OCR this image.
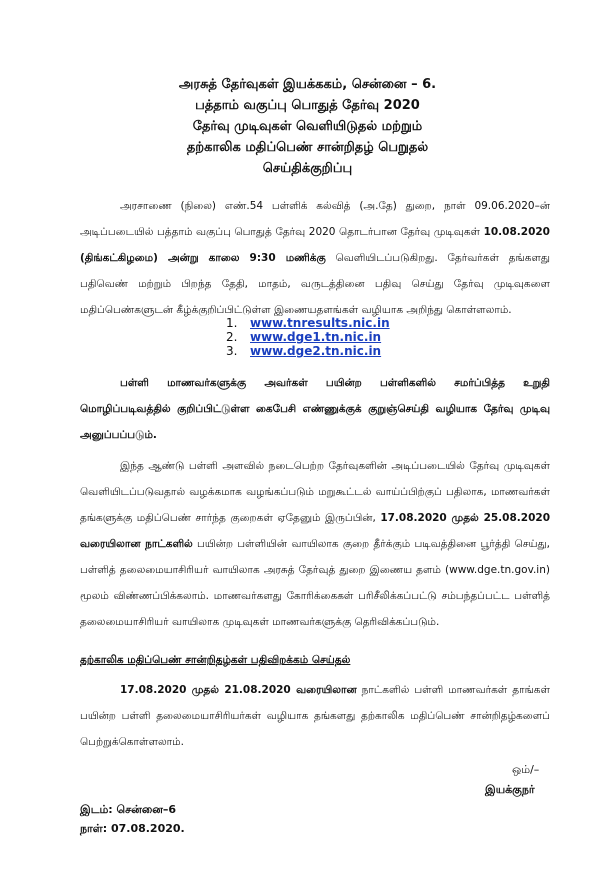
அரசுத் தேர்வுகள் இயக்ககம், சென்னை – 6.
பத்தாம் வகுப்பு பொதுத் தேர்வு 2020
தேர்வு முடிவுகள் வெளியிடுதல் மற்றும்
தற்காலிக மதிப்பெண் சான்றிதழ் பெறுதல்
செய்திக்குறிப்பு

அரசாணை (நிலை) எண்.54 பள்ளிக் கல்வித் (அ.தே) துறை, நாள் 09.06.2020–ன் அடிப்படையில் பத்தாம் வகுப்பு பொதுத் தேர்வு 2020 தொடர்பான தேர்வு முடிவுகள் 10.08.2020 (திங்கட்கிழமை) அன்று காலை 9:30 மணிக்கு வெளியிடப்படுகிறது. தேர்வர்கள் தங்களது பதிவெண் மற்றும் பிறந்த தேதி, மாதம், வருடத்தினை பதிவு செய்து தேர்வு முடிவுகளை மதிப்பெண்களுடன் கீழ்க்குறிப்பிட்டுள்ள இணையதளங்கள் வழியாக அறிந்து கொள்ளலாம்.

1. www.tnresults.nic.in
2. www.dge1.tn.nic.in
3. www.dge2.tn.nic.in

பள்ளி மாணவர்களுக்கு அவர்கள் பயின்ற பள்ளிகளில் சமர்ப்பித்த உறுதி மொழிப்படிவத்தில் குறிப்பிட்டுள்ள கைபேசி எண்ணுக்குக் குறுஞ்செய்தி வழியாக தேர்வு முடிவு அனுப்பப்படும்.

இந்த ஆண்டு பள்ளி அளவில் நடைபெற்ற தேர்வுகளின் அடிப்படையில் தேர்வு முடிவுகள் வெளியிடப்படுவதால் வழக்கமாக வழங்கப்படும் மறுகூட்டல் வாய்ப்பிற்குப் பதிலாக, மாணவர்கள் தங்களுக்கு மதிப்பெண் சார்ந்த குறைகள் ஏதேனும் இருப்பின், 17.08.2020 முதல் 25.08.2020 வரையிலான நாட்களில் பயின்ற பள்ளியின் வாயிலாக குறை தீர்க்கும் படிவத்தினை பூர்த்தி செய்து, பள்ளித் தலைமையாசிரியர் வாயிலாக அரசுத் தேர்வுத் துறை இணைய தளம் (www.dge.tn.gov.in) மூலம் விண்ணப்பிக்கலாம். மாணவர்களது கோரிக்கைகள் பரிசீலிக்கப்பட்டு சம்பந்தப்பட்ட பள்ளித் தலைமையாசிரியர் வாயிலாக முடிவுகள் மாணவர்களுக்கு தெரிவிக்கப்படும்.

தற்காலிக மதிப்பெண் சான்றிதழ்கள் பதிவிறக்கம் செய்தல்

17.08.2020 முதல் 21.08.2020 வரையிலான நாட்களில் பள்ளி மாணவர்கள் தாங்கள் பயின்ற பள்ளி தலைமையாசிரியர்கள் வழியாக தங்களது தற்காலிக மதிப்பெண் சான்றிதழ்களைப் பெற்றுக்கொள்ளலாம்.

ஒம்/–
இயக்குநர்
இடம்: சென்னை–6
நாள்: 07.08.2020.
